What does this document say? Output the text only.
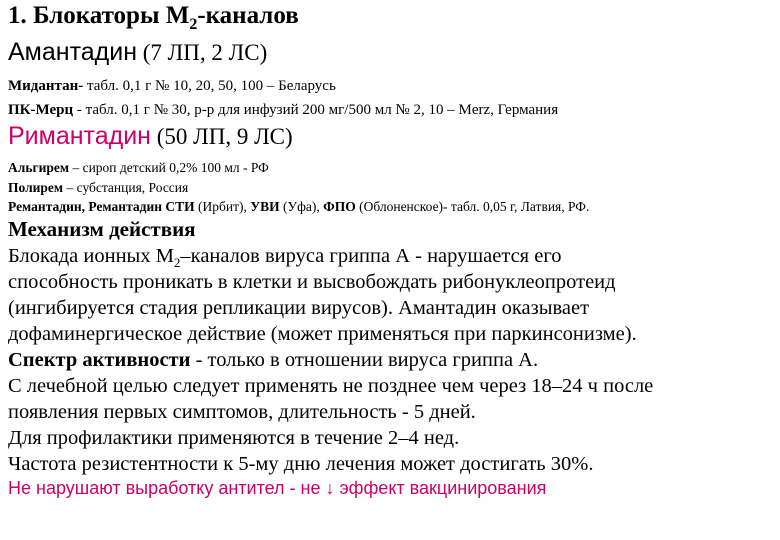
1. Блокаторы $М_2$-каналов
Амантадин (7 ЛП, 2 ЛС)
Мидантан- табл. 0,1 г № 10, 20, 50, 100 – Беларусь
ПК-Мерц - табл. 0,1 г № 30, р-р для инфузий 200 мг/500 мл № 2, 10 – Merz, Германия
Римантадин (50 ЛП, 9 ЛС)
Альгирем – сироп детский 0,2% 100 мл - РФ
Полирем – субстанция, Россия
Ремантадин, Ремантадин СТИ (Ирбит), УВИ (Уфа), ФПО (Облоненское)- табл. 0,05 г, Латвия, РФ.
Механизм действия
Блокада ионных $М_2$–каналов вируса гриппа А - нарушается его
способность проникать в клетки и высвобождать рибонуклеопротеид
(ингибируется стадия репликации вирусов). Амантадин оказывает
дофаминергическое действие (может применяться при паркинсонизме).
Спектр активности - только в отношении вируса гриппа А.
С лечебной целью следует применять не позднее чем через 18–24 ч после
появления первых симптомов, длительность - 5 дней.
Для профилактики применяются в течение 2–4 нед.
Частота резистентности к 5-му дню лечения может достигать 30%.
Не нарушают выработку антител - не ↓ эффект вакцинирования
